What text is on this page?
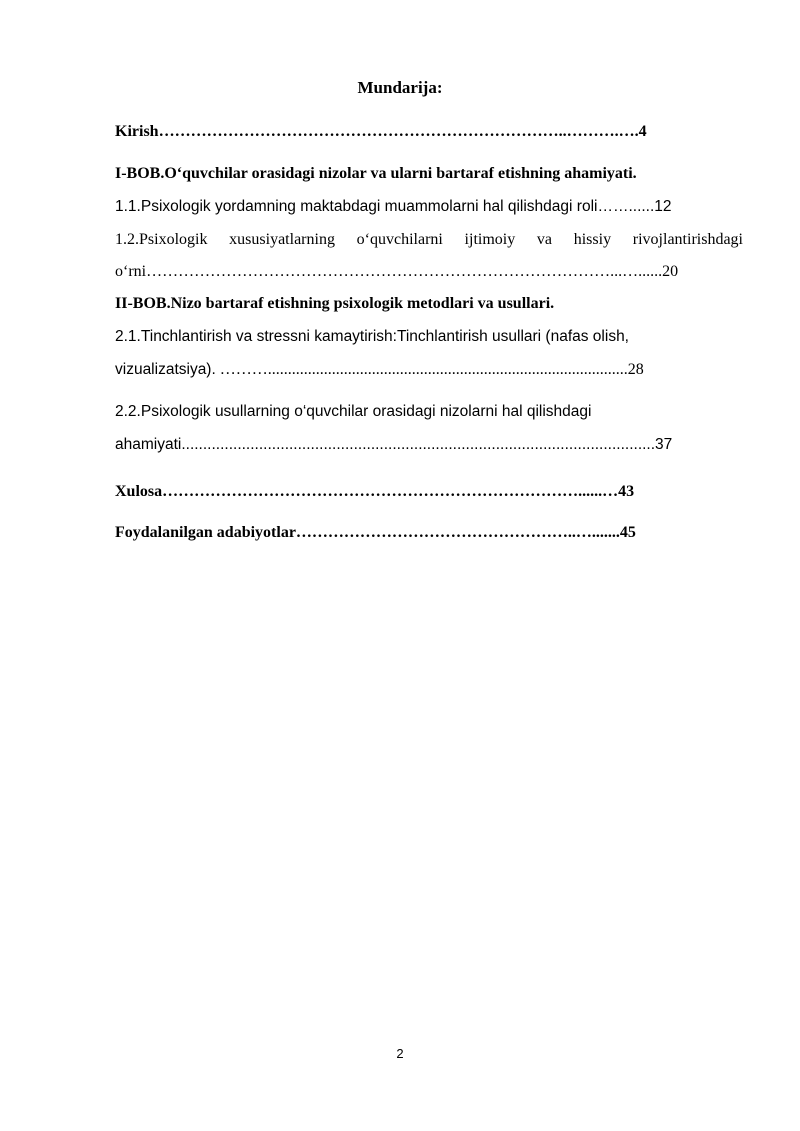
Mundarija:
Kirish…………………………………………………………………..……….….4
I-BOB.O‘quvchilar orasidagi nizolar va ularni bartaraf etishning ahamiyati.
1.1.Psixologik yordamning maktabdagi muammolarni hal qilishdagi roli……......12
1.2.Psixologik xususiyatlarning o‘quvchilarni ijtimoiy va hissiy rivojlantirishdagi
o‘rni……………………………………………………………………………...…......20
II-BOB.Nizo bartaraf etishning psixologik metodlari va usullari.
2.1.Tinchlantirish va stressni kamaytirish:Tinchlantirish usullari (nafas olish,
vizualizatsiya). ………..........................................................................................28
2.2.Psixologik usullarning o‘quvchilar orasidagi nizolarni hal qilishdagi
ahamiyati..............................................................................................................37
Xulosa……………………………………………………………………......…43
Foydalanilgan adabiyotlar……………………………………………..….......45
2
